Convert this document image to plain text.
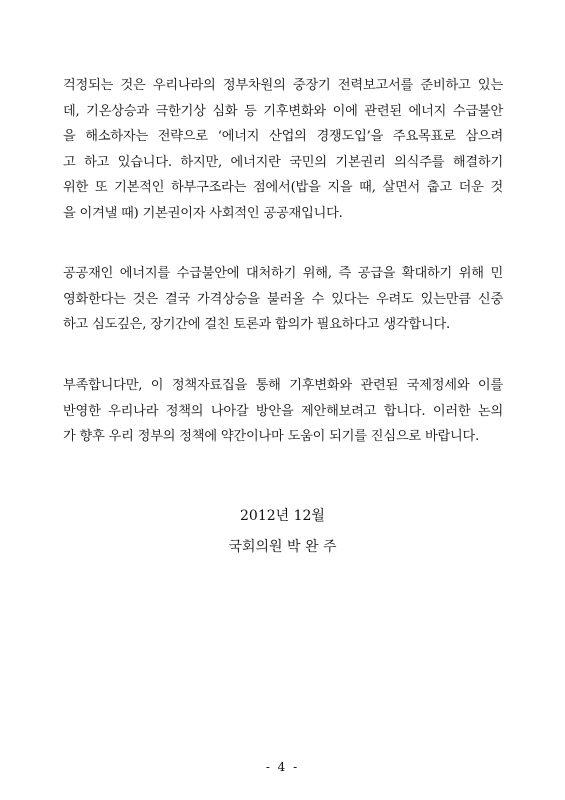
걱정되는 것은 우리나라의 정부차원의 중장기 전력보고서를 준비하고 있는
데, 기온상승과 극한기상 심화 등 기후변화와 이에 관련된 에너지 수급불안
을 해소하자는 전략으로 ‘에너지 산업의 경쟁도입’을 주요목표로 삼으려
고 하고 있습니다. 하지만, 에너지란 국민의 기본권리 의식주를 해결하기
위한 또 기본적인 하부구조라는 점에서(밥을 지을 때, 살면서 춥고 더운 것
을 이겨낼 때) 기본권이자 사회적인 공공재입니다.
공공재인 에너지를 수급불안에 대처하기 위해, 즉 공급을 확대하기 위해 민
영화한다는 것은 결국 가격상승을 불러올 수 있다는 우려도 있는만큼 신중
하고 심도깊은, 장기간에 걸친 토론과 합의가 필요하다고 생각합니다.
부족합니다만, 이 정책자료집을 통해 기후변화와 관련된 국제정세와 이를
반영한 우리나라 정책의 나아갈 방안을 제안해보려고 합니다. 이러한 논의
가 향후 우리 정부의 정책에 약간이나마 도움이 되기를 진심으로 바랍니다.
2012년 12월
국회의원 박 완 주
- 4 -
